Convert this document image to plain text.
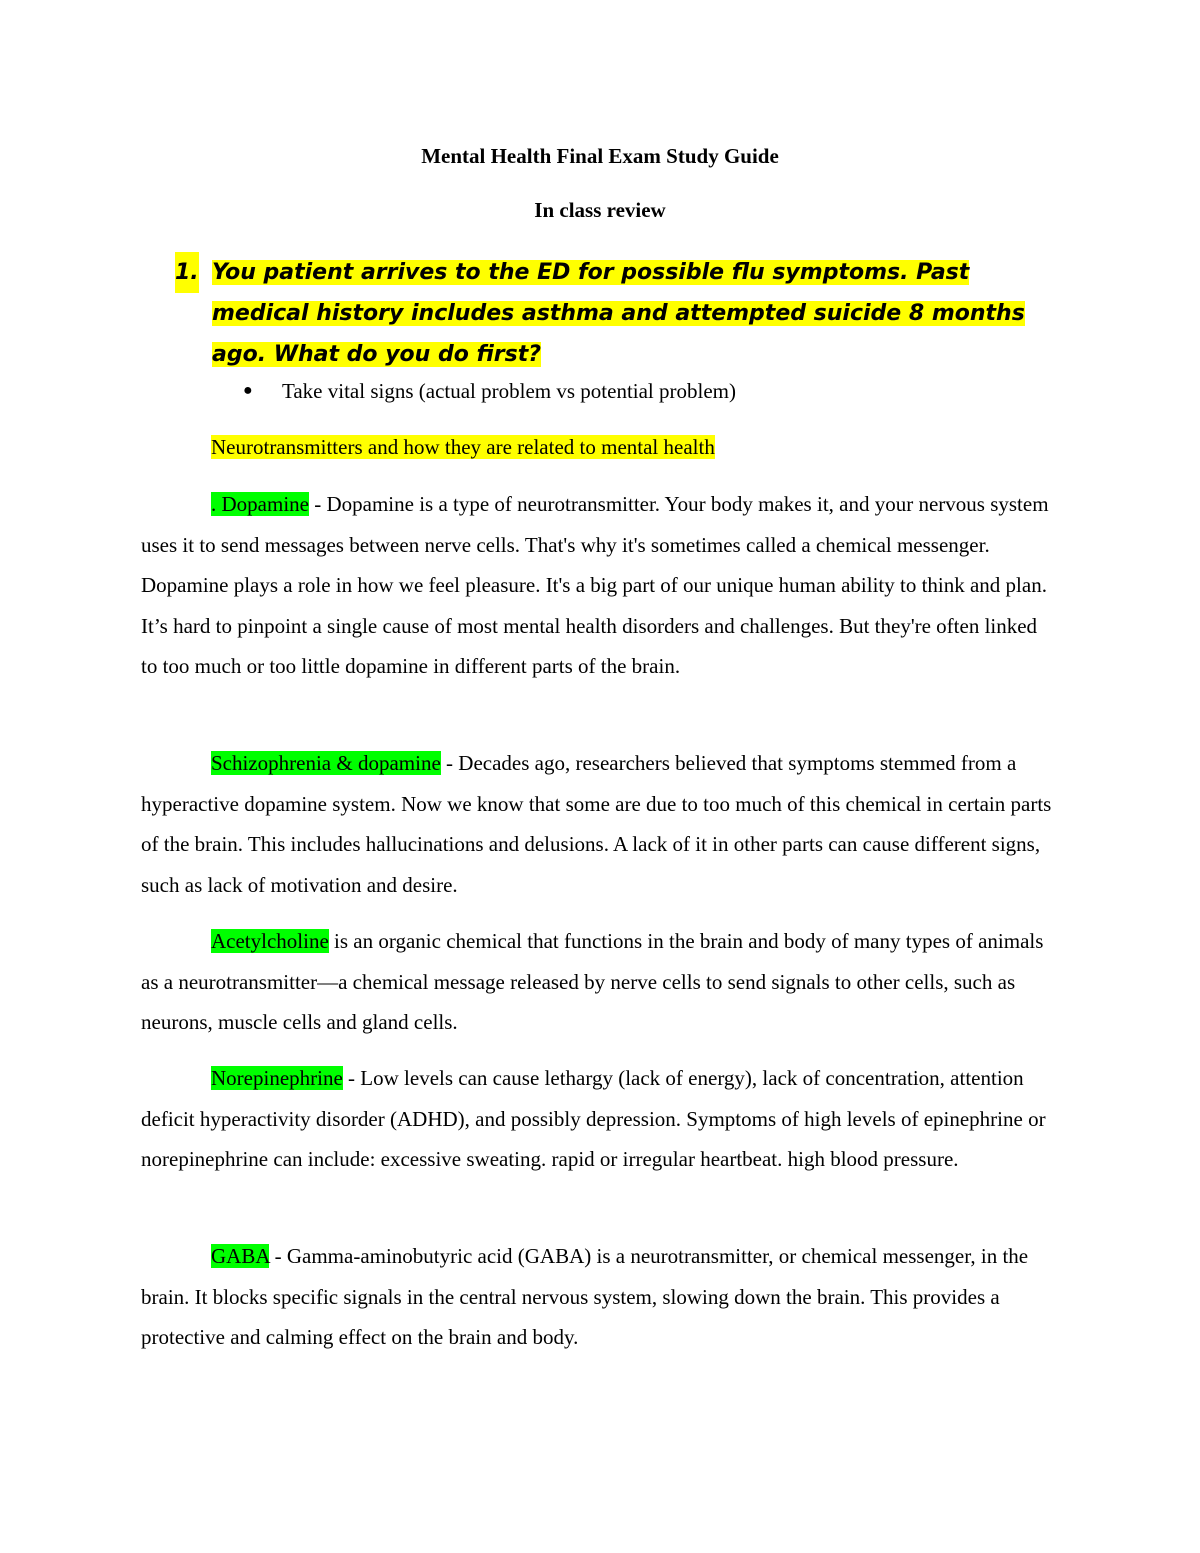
Mental Health Final Exam Study Guide
In class review
1. You patient arrives to the ED for possible flu symptoms. Past medical history includes asthma and attempted suicide 8 months ago. What do you do first?
● Take vital signs (actual problem vs potential problem)
Neurotransmitters and how they are related to mental health

. Dopamine - Dopamine is a type of neurotransmitter. Your body makes it, and your nervous system uses it to send messages between nerve cells. That's why it's sometimes called a chemical messenger. Dopamine plays a role in how we feel pleasure. It's a big part of our unique human ability to think and plan. It’s hard to pinpoint a single cause of most mental health disorders and challenges. But they're often linked to too much or too little dopamine in different parts of the brain.

Schizophrenia & dopamine - Decades ago, researchers believed that symptoms stemmed from a hyperactive dopamine system. Now we know that some are due to too much of this chemical in certain parts of the brain. This includes hallucinations and delusions. A lack of it in other parts can cause different signs, such as lack of motivation and desire.

Acetylcholine is an organic chemical that functions in the brain and body of many types of animals as a neurotransmitter—a chemical message released by nerve cells to send signals to other cells, such as neurons, muscle cells and gland cells.

Norepinephrine - Low levels can cause lethargy (lack of energy), lack of concentration, attention deficit hyperactivity disorder (ADHD), and possibly depression. Symptoms of high levels of epinephrine or norepinephrine can include: excessive sweating. rapid or irregular heartbeat. high blood pressure.

GABA - Gamma-aminobutyric acid (GABA) is a neurotransmitter, or chemical messenger, in the brain. It blocks specific signals in the central nervous system, slowing down the brain. This provides a protective and calming effect on the brain and body.
